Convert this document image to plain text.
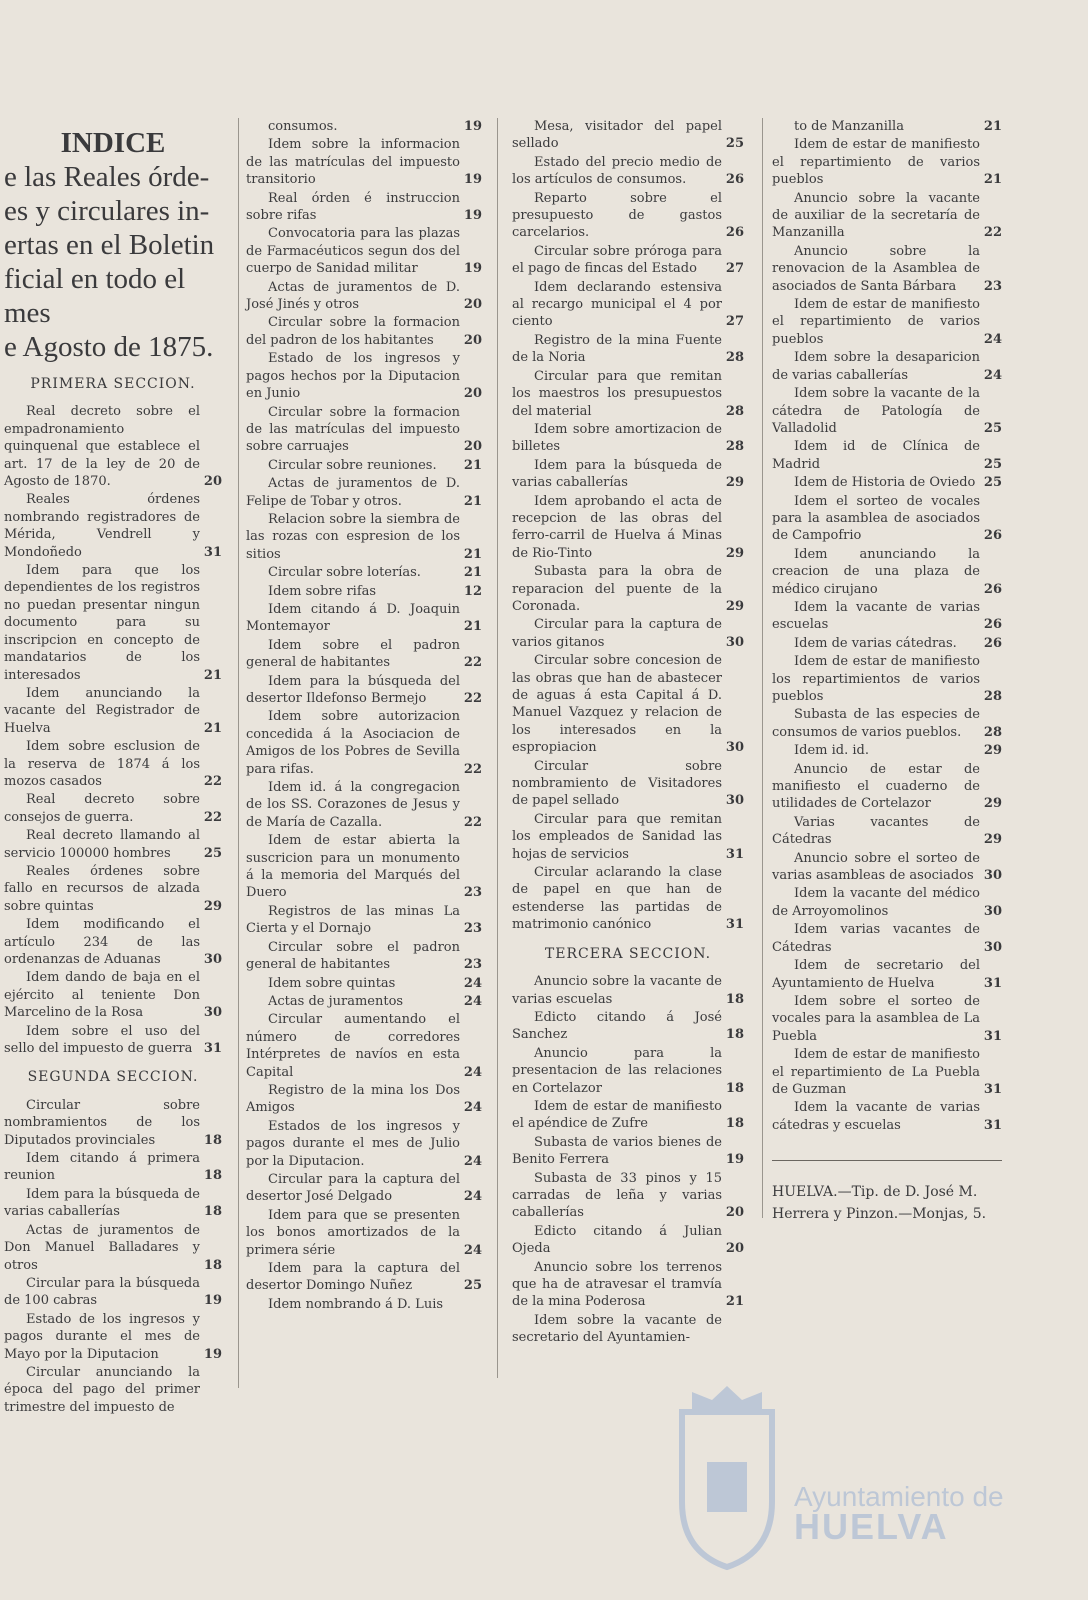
INDICE
e las Reales órde-
es y circulares in-
ertas en el Boletin
ficial en todo el mes
e Agosto de 1875.
PRIMERA SECCION.
Real decreto sobre el empadronamiento quinquenal que establece el art. 17 de la ley de 20 de Agosto de 1870.	20
Reales órdenes nombrando registradores de Mérida, Vendrell y Mondoñedo	31
Idem para que los dependientes de los registros no puedan presentar ningun documento para su inscripcion en concepto de mandatarios de los interesados	21
Idem anunciando la vacante del Registrador de Huelva	21
Idem sobre esclusion de la reserva de 1874 á los mozos casados	22
Real decreto sobre consejos de guerra.	22
Real decreto llamando al servicio 100000 hombres	25
Reales órdenes sobre fallo en recursos de alzada sobre quintas	29
Idem modificando el artículo 234 de las ordenanzas de Aduanas	30
Idem dando de baja en el ejército al teniente Don Marcelino de la Rosa	30
Idem sobre el uso del sello del impuesto de guerra 31
SEGUNDA SECCION.
Circular sobre nombramientos de los Diputados provinciales	18
Idem citando á primera reunion	18
Idem para la búsqueda de varias caballerías	18
Actas de juramentos de Don Manuel Balladares y otros	18
Circular para la búsqueda de 100 cabras	19
Estado de los ingresos y pagos durante el mes de Mayo por la Diputacion	19
Circular anunciando la época del pago del primer trimestre del impuesto de
consumos.	19
Idem sobre la informacion de las matrículas del impuesto transitorio	19
Real órden é instruccion sobre rifas	19
Convocatoria para las plazas de Farmacéuticos segun dos del cuerpo de Sanidad militar	19
Actas de juramentos de D. José Jinés y otros	20
Circular sobre la formacion del padron de los habitantes 20
Estado de los ingresos y pagos hechos por la Diputacion en Junio	20
Circular sobre la formacion de las matrículas del impuesto sobre carruajes	20
Circular sobre reuniones. 21
Actas de juramentos de D. Felipe de Tobar y otros.	21
Relacion sobre la siembra de las rozas con espresion de los sitios	21
Circular sobre loterías.	21
Idem sobre rifas	12
Idem citando á D. Joaquin Montemayor	21
Idem sobre el padron general de habitantes	22
Idem para la búsqueda del desertor Ildefonso Bermejo	22
Idem sobre autorizacion concedida á la Asociacion de Amigos de los Pobres de Sevilla para rifas.	22
Idem id. á la congregacion de los SS. Corazones de Jesus y de María de Cazalla.	22
Idem de estar abierta la suscricion para un monumento á la memoria del Marqués del Duero	23
Registros de las minas La Cierta y el Dornajo	23
Circular sobre el padron general de habitantes	23
Idem sobre quintas	24
Actas de juramentos	24
Circular aumentando el número de corredores Intérpretes de navíos en esta Capital	24
Registro de la mina los Dos Amigos	24
Estados de los ingresos y pagos durante el mes de Julio por la Diputacion.	24
Circular para la captura del desertor José Delgado	24
Idem para que se presenten los bonos amortizados de la primera série	24
Idem para la captura del desertor Domingo Nuñez	25
Idem nombrando á D. Luis
Mesa, visitador del papel sellado	25
Estado del precio medio de los artículos de consumos.	26
Reparto sobre el presupuesto de gastos carcelarios.	26
Circular sobre próroga para el pago de fincas del Estado 27
Idem declarando estensiva al recargo municipal el 4 por ciento	27
Registro de la mina Fuente de la Noria	28
Circular para que remitan los maestros los presupuestos del material	28
Idem sobre amortizacion de billetes	28
Idem para la búsqueda de varias caballerías	29
Idem aprobando el acta de recepcion de las obras del ferro-carril de Huelva á Minas de Rio-Tinto	29
Subasta para la obra de reparacion del puente de la Coronada.	29
Circular para la captura de varios gitanos	30
Circular sobre concesion de las obras que han de abastecer de aguas á esta Capital á D. Manuel Vazquez y relacion de los interesados en la espropiacion	30
Circular sobre nombramiento de Visitadores de papel sellado	30
Circular para que remitan los empleados de Sanidad las hojas de servicios	31
Circular aclarando la clase de papel en que han de estenderse las partidas de matrimonio canónico	31
TERCERA SECCION.
Anuncio sobre la vacante de varias escuelas	18
Edicto citando á José Sanchez	18
Anuncio para la presentacion de las relaciones en Cortelazor	18
Idem de estar de manifiesto el apéndice de Zufre	18
Subasta de varios bienes de Benito Ferrera	19
Subasta de 33 pinos y 15 carradas de leña y varias caballerías	20
Edicto citando á Julian Ojeda	20
Anuncio sobre los terrenos que ha de atravesar el tramvía de la mina Poderosa	21
Idem sobre la vacante de secretario del Ayuntamien-
to de Manzanilla	21
Idem de estar de manifiesto el repartimiento de varios pueblos	21
Anuncio sobre la vacante de auxiliar de la secretaría de Manzanilla	22
Anuncio sobre la renovacion de la Asamblea de asociados de Santa Bárbara 23
Idem de estar de manifiesto el repartimiento de varios pueblos	24
Idem sobre la desaparicion de varias caballerías	24
Idem sobre la vacante de la cátedra de Patología de Valladolid	25
Idem id de Clínica de Madrid	25
Idem de Historia de Oviedo 25
Idem el sorteo de vocales para la asamblea de asociados de Campofrio	26
Idem anunciando la creacion de una plaza de médico cirujano	26
Idem la vacante de varias escuelas	26
Idem de varias cátedras. 26
Idem de estar de manifiesto los repartimientos de varios pueblos	28
Subasta de las especies de consumos de varios pueblos. 28
Idem id. id.	29
Anuncio de estar de manifiesto el cuaderno de utilidades de Cortelazor	29
Varias vacantes de Cátedras	29
Anuncio sobre el sorteo de varias asambleas de asociados 30
Idem la vacante del médico de Arroyomolinos	30
Idem varias vacantes de Cátedras	30
Idem de secretario del Ayuntamiento de Huelva	31
Idem sobre el sorteo de vocales para la asamblea de La Puebla	31
Idem de estar de manifiesto el repartimiento de La Puebla de Guzman	31
Idem la vacante de varias cátedras y escuelas	31
HUELVA.—Tip. de D. José M.
Herrera y Pinzon.—Monjas, 5.
Ayuntamiento de
HUELVA
